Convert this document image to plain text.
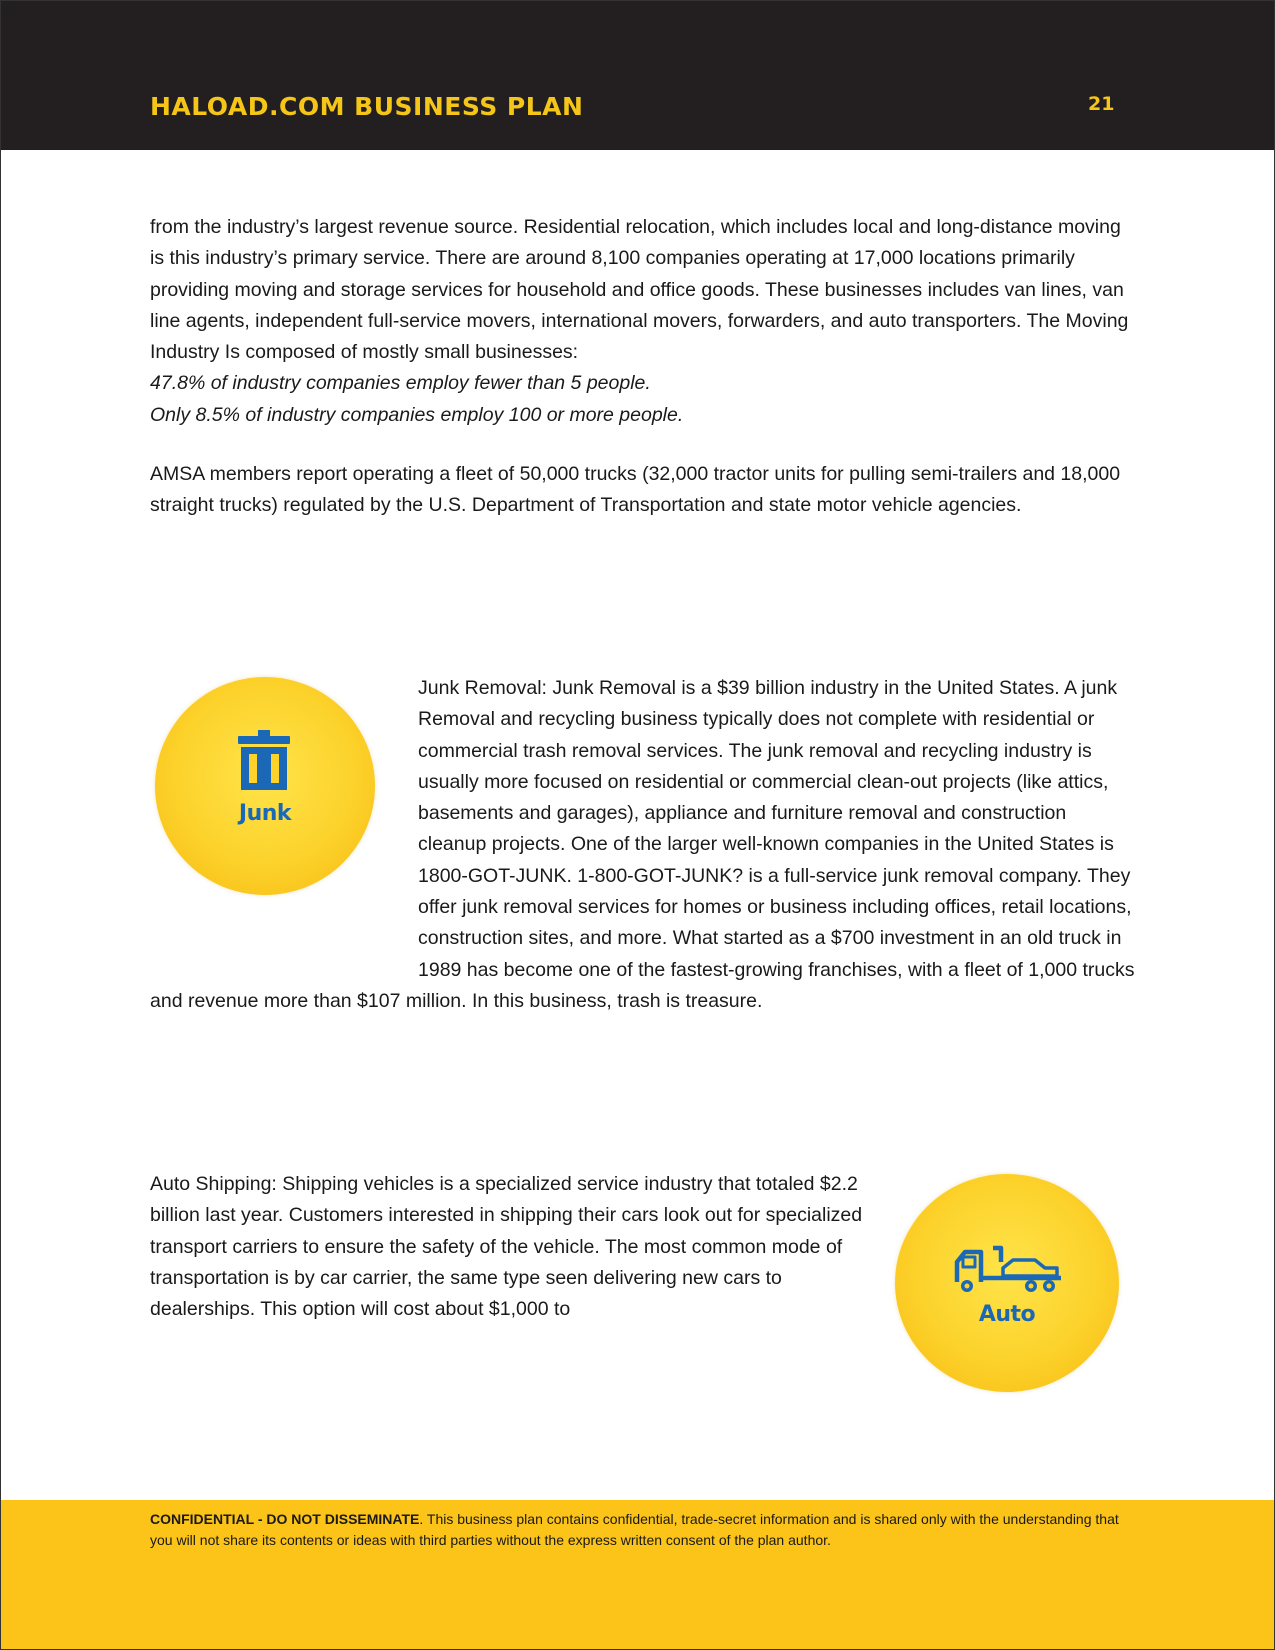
HALOAD.COM BUSINESS PLAN	21

from the industry’s largest revenue source. Residential relocation, which includes local and long-distance moving is this industry’s primary service. There are around 8,100 companies operating at 17,000 locations primarily providing moving and storage services for household and office goods. These businesses includes van lines, van line agents, independent full-service movers, international movers, forwarders, and auto transporters. The Moving Industry Is composed of mostly small businesses:

47.8% of industry companies employ fewer than 5 people.

Only 8.5% of industry companies employ 100 or more people.

AMSA members report operating a fleet of 50,000 trucks (32,000 tractor units for pulling semi-trailers and 18,000 straight trucks) regulated by the U.S. Department of Transportation and state motor vehicle agencies.

Junk

Junk Removal: Junk Removal is a $39 billion industry in the United States. A junk Removal and recycling business typically does not complete with residential or commercial trash removal services. The junk removal and recycling industry is usually more focused on residential or commercial clean-out projects (like attics, basements and garages), appliance and furniture removal and construction cleanup projects. One of the larger well-known companies in the United States is 1800-GOT-JUNK. 1-800-GOT-JUNK? is a full-service junk removal company. They offer junk removal services for homes or business including offices, retail locations, construction sites, and more. What started as a $700 investment in an old truck in 1989 has become one of the fastest-growing franchises, with a fleet of 1,000 trucks and revenue more than $107 million. In this business, trash is treasure.

Auto Shipping: Shipping vehicles is a specialized service industry that totaled $2.2 billion last year. Customers interested in shipping their cars look out for specialized transport carriers to ensure the safety of the vehicle. The most common mode of transportation is by car carrier, the same type seen delivering new cars to dealerships. This option will cost about $1,000 to	Auto
CONFIDENTIAL - DO NOT DISSEMINATE. This business plan contains confidential, trade-secret information and is shared only with the understanding that you will not share its contents or ideas with third parties without the express written consent of the plan author.
